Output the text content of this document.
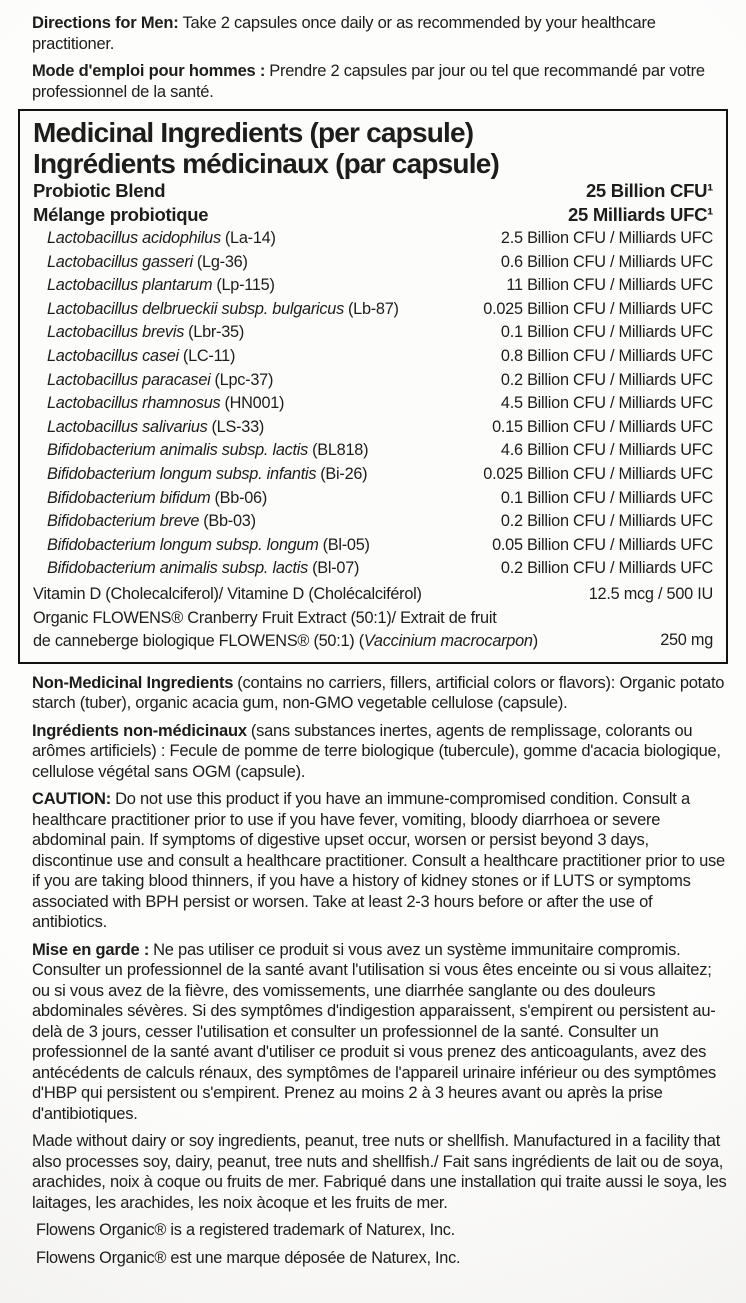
Directions for Men: Take 2 capsules once daily or as recommended by your healthcare practitioner.

Mode d'emploi pour hommes : Prendre 2 capsules par jour ou tel que recommandé par votre professionnel de la santé.

Medicinal Ingredients (per capsule)
Ingrédients médicinaux (par capsule)
Probiotic Blend	25 Billion CFU¹
Mélange probiotique	25 Milliards UFC¹
Lactobacillus acidophilus (La-14)	2.5 Billion CFU / Milliards UFC
Lactobacillus gasseri (Lg-36)	0.6 Billion CFU / Milliards UFC
Lactobacillus plantarum (Lp-115)	11 Billion CFU / Milliards UFC
Lactobacillus delbrueckii subsp. bulgaricus (Lb-87)	0.025 Billion CFU / Milliards UFC
Lactobacillus brevis (Lbr-35)	0.1 Billion CFU / Milliards UFC
Lactobacillus casei (LC-11)	0.8 Billion CFU / Milliards UFC
Lactobacillus paracasei (Lpc-37)	0.2 Billion CFU / Milliards UFC
Lactobacillus rhamnosus (HN001)	4.5 Billion CFU / Milliards UFC
Lactobacillus salivarius (LS-33)	0.15 Billion CFU / Milliards UFC
Bifidobacterium animalis subsp. lactis (BL818)	4.6 Billion CFU / Milliards UFC
Bifidobacterium longum subsp. infantis (Bi-26)	0.025 Billion CFU / Milliards UFC
Bifidobacterium bifidum (Bb-06)	0.1 Billion CFU / Milliards UFC
Bifidobacterium breve (Bb-03)	0.2 Billion CFU / Milliards UFC
Bifidobacterium longum subsp. longum (Bl-05)	0.05 Billion CFU / Milliards UFC
Bifidobacterium animalis subsp. lactis (Bl-07)	0.2 Billion CFU / Milliards UFC
Vitamin D (Cholecalciferol)/ Vitamine D (Cholécalciférol)	12.5 mcg / 500 IU
Organic FLOWENS® Cranberry Fruit Extract (50:1)/ Extrait de fruit
de canneberge biologique FLOWENS® (50:1) (Vaccinium macrocarpon)	250 mg

Non-Medicinal Ingredients (contains no carriers, fillers, artificial colors or flavors): Organic potato starch (tuber), organic acacia gum, non-GMO vegetable cellulose (capsule).

Ingrédients non-médicinaux (sans substances inertes, agents de remplissage, colorants ou arômes artificiels) : Fecule de pomme de terre biologique (tubercule), gomme d'acacia biologique, cellulose végétal sans OGM (capsule).

CAUTION: Do not use this product if you have an immune-compromised condition. Consult a healthcare practitioner prior to use if you have fever, vomiting, bloody diarrhoea or severe abdominal pain. If symptoms of digestive upset occur, worsen or persist beyond 3 days, discontinue use and consult a healthcare practitioner. Consult a healthcare practitioner prior to use if you are taking blood thinners, if you have a history of kidney stones or if LUTS or symptoms associated with BPH persist or worsen. Take at least 2-3 hours before or after the use of antibiotics.

Mise en garde : Ne pas utiliser ce produit si vous avez un système immunitaire compromis. Consulter un professionnel de la santé avant l'utilisation si vous êtes enceinte ou si vous allaitez; ou si vous avez de la fièvre, des vomissements, une diarrhée sanglante ou des douleurs abdominales sévères. Si des symptômes d'indigestion apparaissent, s'empirent ou persistent au-delà de 3 jours, cesser l'utilisation et consulter un professionnel de la santé. Consulter un professionnel de la santé avant d'utiliser ce produit si vous prenez des anticoagulants, avez des antécédents de calculs rénaux, des symptômes de l'appareil urinaire inférieur ou des symptômes d'HBP qui persistent ou s'empirent. Prenez au moins 2 à 3 heures avant ou après la prise d'antibiotiques.

Made without dairy or soy ingredients, peanut, tree nuts or shellfish. Manufactured in a facility that also processes soy, dairy, peanut, tree nuts and shellfish./ Fait sans ingrédients de lait ou de soya, arachides, noix à coque ou fruits de mer. Fabriqué dans une installation qui traite aussi le soya, les laitages, les arachides, les noix àcoque et les fruits de mer.

Flowens Organic® is a registered trademark of Naturex, Inc.

Flowens Organic® est une marque déposée de Naturex, Inc.
